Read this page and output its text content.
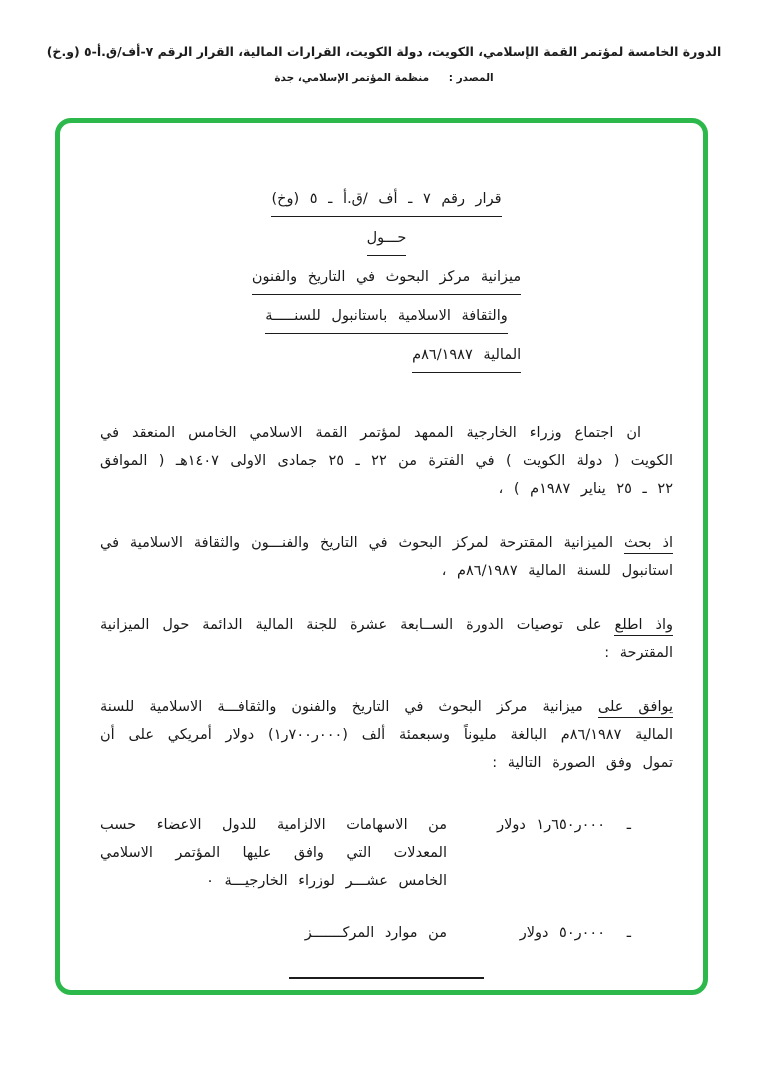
الدورة الخامسة لمؤتمر القمة الإسلامي، الكويت، دولة الكويت، القرارات المالية، القرار الرقم ٧-أف/ق.أ-٥ (و.خ)
المصدر : منظمة المؤتمر الإسلامي، جدة
قرار رقم ٧ ـ أف /ق.أ ـ ٥ (وخ)
حـــول
ميزانية مركز البحوث في التاريخ والفنون
والثقافة الاسلامية باستانبول للسنـــــة
المالية ٨٦/١٩٨٧م

ان اجتماع وزراء الخارجية الممهد لمؤتمر القمة الاسلامي الخامس المنعقد في الكويت ( دولة الكويت ) في الفترة من ٢٢ ـ ٢٥ جمادى الاولى ١٤٠٧هـ ( الموافق ٢٢ ـ ٢٥ يناير ١٩٨٧م ) ،

اذ بحث الميزانية المقترحة لمركز البحوث في التاريخ والفنـــون والثقافة الاسلامية في استانبول للسنة المالية ٨٦/١٩٨٧م ،

واذ اطلع على توصيات الدورة الســابعة عشرة للجنة المالية الدائمة حول الميزانية المقترحة :

يوافق على ميزانية مركز البحوث في التاريخ والفنون والثقافـــة الاسلامية للسنة المالية ٨٦/١٩٨٧م البالغة مليوناً وسبعمئة ألف (٠٠٠ر٧٠٠ر١) دولار أمريكي على أن تمول وفق الصورة التالية :

ـ
٠٠٠ر٦٥٠ر١ دولار
من الاسهامات الالزامية للدول الاعضاء حسب المعدلات التي وافق عليها المؤتمر الاسلامي الخامس عشـــر لوزراء الخارجيـــة ٠
ـ
٠٠٠ر٥٠ دولار
من موارد المركـــــــز
